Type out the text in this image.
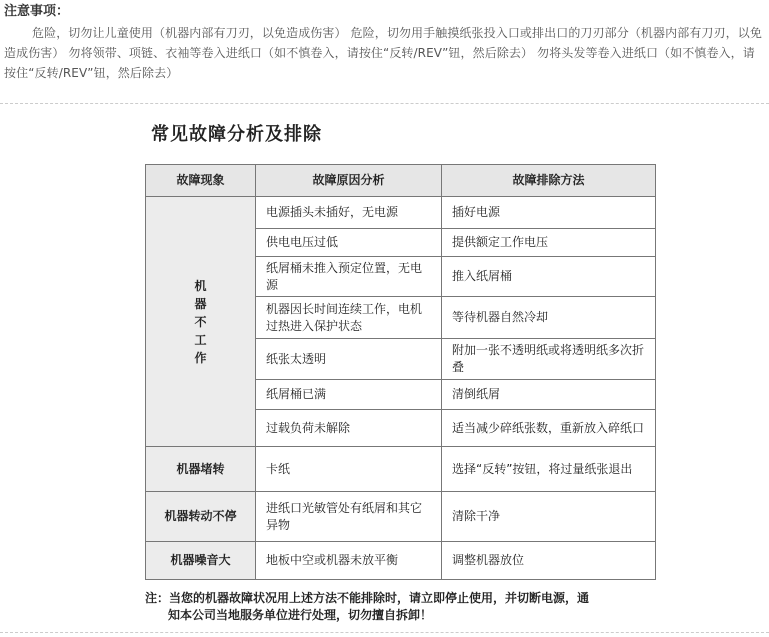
注意事项：
危险，切勿让儿童使用（机器内部有刀刃，以免造成伤害） 危险，切勿用手触摸纸张投入口或排出口的刀刃部分（机器内部有刀刃，以免造成伤害） 勿将领带、项链、衣袖等卷入进纸口（如不慎卷入，请按住“反转/REV”钮，然后除去） 勿将头发等卷入进纸口（如不慎卷入，请按住“反转/REV”钮，然后除去）
常见故障分析及排除
故障现象	故障原因分析	故障排除方法
机器不工作	电源插头未插好，无电源	插好电源
	供电电压过低	提供额定工作电压
	纸屑桶未推入预定位置，无电源	推入纸屑桶
	机器因长时间连续工作，电机过热进入保护状态	等待机器自然冷却
	纸张太透明	附加一张不透明纸或将透明纸多次折叠
	纸屑桶已满	清倒纸屑
	过载负荷未解除	适当减少碎纸张数，重新放入碎纸口
机器堵转	卡纸	选择“反转”按钮，将过量纸张退出
机器转动不停	进纸口光敏管处有纸屑和其它异物	清除干净
机器噪音大	地板中空或机器未放平衡	调整机器放位
注：当您的机器故障状况用上述方法不能排除时，请立即停止使用，并切断电源，通
知本公司当地服务单位进行处理，切勿擅自拆卸！
